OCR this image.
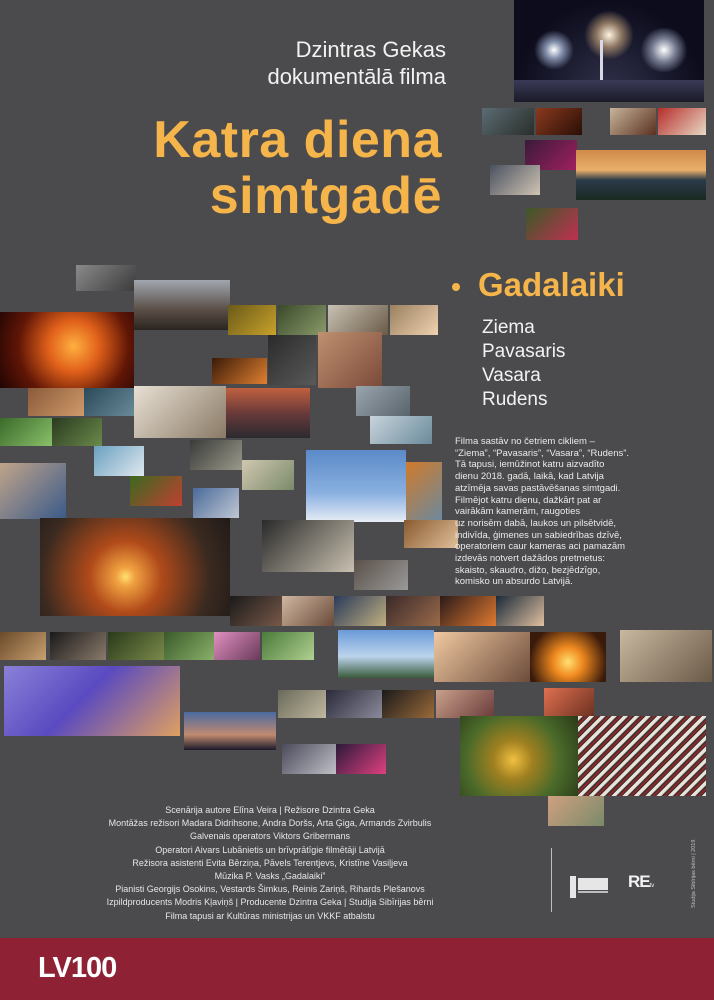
Dzintras Gekas
dokumentālā filma
Katra diena
simtgadē
Gadalaiki
Ziema
Pavasaris
Vasara
Rudens

Filma sastāv no četriem cikliem –

“Ziema”, “Pavasaris”, “Vasara”, “Rudens”.

Tā tapusi, iemūžinot katru aizvadīto

dienu 2018. gadā, laikā, kad Latvija

atzīmēja savas pastāvēšanas simtgadi.

Filmējot katru dienu, dažkārt pat ar

vairākām kamerām, raugoties

uz norisēm dabā, laukos un pilsētvidē,

indivīda, ģimenes un sabiedrības dzīvē,

operatoriem caur kameras aci pamazām

izdevās notvert dažādos pretmetus:

skaisto, skaudro, dižo, bezjēdzīgo,

komisko un absurdo Latvijā.

Scenārija autore Elīna Veira | Režisore Dzintra Geka
Montāžas režisori Madara Didrihsone, Andra Doršs, Arta Ģiga, Armands Zvirbulis
Galvenais operators Viktors Gribermans
Operatori Aivars Lubānietis un brīvprātīgie filmētāji Latvijā
Režisora asistenti Evita Bērziņa, Pāvels Terentjevs, Kristīne Vasiļjeva
Mūzika P. Vasks „Gadalaiki”
Pianisti Georgijs Osokins, Vestards Šimkus, Reinis Zariņš, Rihards Plešanovs
Izpildproducents Modris Kļaviņš | Producente Dzintra Geka | Studija Sibīrijas bērni
Filma tapusi ar Kultūras ministrijas un VKKF atbalstu
REtv	Studija Sibīrijas bērni | 2019.
LV100
